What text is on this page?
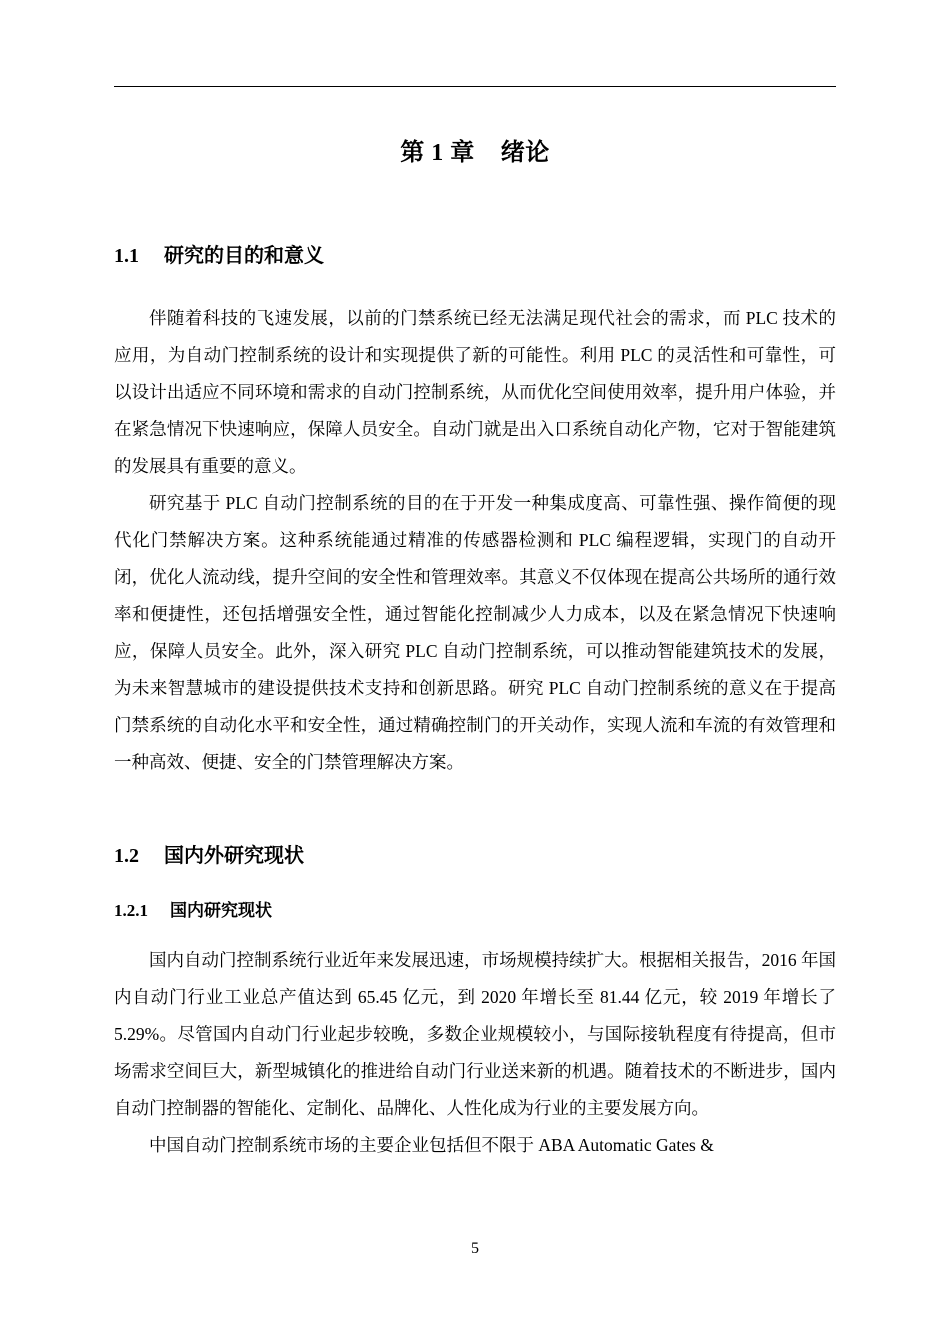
第 1 章 绪论
1.1 研究的目的和意义

伴随着科技的飞速发展，以前的门禁系统已经无法满足现代社会的需求，而 PLC 技术的应用，为自动门控制系统的设计和实现提供了新的可能性。利用 PLC 的灵活性和可靠性，可以设计出适应不同环境和需求的自动门控制系统，从而优化空间使用效率，提升用户体验，并在紧急情况下快速响应，保障人员安全。自动门就是出入口系统自动化产物，它对于智能建筑的发展具有重要的意义。

研究基于 PLC 自动门控制系统的目的在于开发一种集成度高、可靠性强、操作简便的现代化门禁解决方案。这种系统能通过精准的传感器检测和 PLC 编程逻辑，实现门的自动开闭，优化人流动线，提升空间的安全性和管理效率。其意义不仅体现在提高公共场所的通行效率和便捷性，还包括增强安全性，通过智能化控制减少人力成本，以及在紧急情况下快速响应，保障人员安全。此外，深入研究 PLC 自动门控制系统，可以推动智能建筑技术的发展，为未来智慧城市的建设提供技术支持和创新思路。研究 PLC 自动门控制系统的意义在于提高门禁系统的自动化水平和安全性，通过精确控制门的开关动作，实现人流和车流的有效管理和一种高效、便捷、安全的门禁管理解决方案。

1.2 国内外研究现状
1.2.1 国内研究现状

国内自动门控制系统行业近年来发展迅速，市场规模持续扩大。根据相关报告，2016 年国内自动门行业工业总产值达到 65.45 亿元，到 2020 年增长至 81.44 亿元，较 2019 年增长了 5.29%。尽管国内自动门行业起步较晚，多数企业规模较小，与国际接轨程度有待提高，但市场需求空间巨大，新型城镇化的推进给自动门行业送来新的机遇。随着技术的不断进步，国内自动门控制器的智能化、定制化、品牌化、人性化成为行业的主要发展方向。

中国自动门控制系统市场的主要企业包括但不限于 ABA Automatic Gates &

5
